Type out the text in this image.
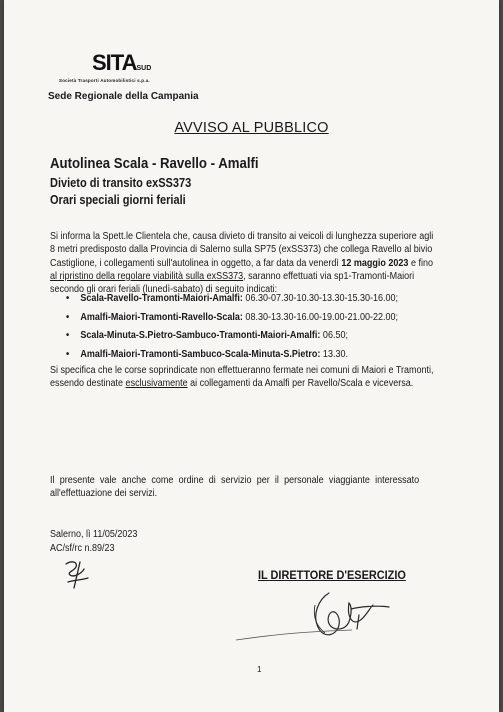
SITASUD
Società Trasporti Automobilistici s.p.a.
Sede Regionale della Campania
AVVISO AL PUBBLICO
Autolinea Scala - Ravello - Amalfi
Divieto di transito exSS373
Orari speciali giorni feriali
Si informa la Spett.le Clientela che, causa divieto di transito ai veicoli di lunghezza superiore agli
8 metri predisposto dalla Provincia di Salerno sulla SP75 (exSS373) che collega Ravello al bivio
Castiglione, i collegamenti sull'autolinea in oggetto, a far data da venerdì 12 maggio 2023 e fino
al ripristino della regolare viabilità sulla exSS373, saranno effettuati via sp1-Tramonti-Maiori
secondo gli orari feriali (lunedì-sabato) di seguito indicati:
• Scala-Ravello-Tramonti-Maiori-Amalfi: 06.30-07.30-10.30-13.30-15.30-16.00;
• Amalfi-Maiori-Tramonti-Ravello-Scala: 08.30-13.30-16.00-19.00-21.00-22.00;
• Scala-Minuta-S.Pietro-Sambuco-Tramonti-Maiori-Amalfi: 06.50;
• Amalfi-Maiori-Tramonti-Sambuco-Scala-Minuta-S.Pietro: 13.30.
Si specifica che le corse soprindicate non effettueranno fermate nei comuni di Maiori e Tramonti,
essendo destinate esclusivamente ai collegamenti da Amalfi per Ravello/Scala e viceversa.
Il presente vale anche come ordine di servizio per il personale viaggiante interessato
all'effettuazione dei servizi.
Salerno, lì 11/05/2023
AC/sf/rc n.89/23
IL DIRETTORE D'ESERCIZIO
1
